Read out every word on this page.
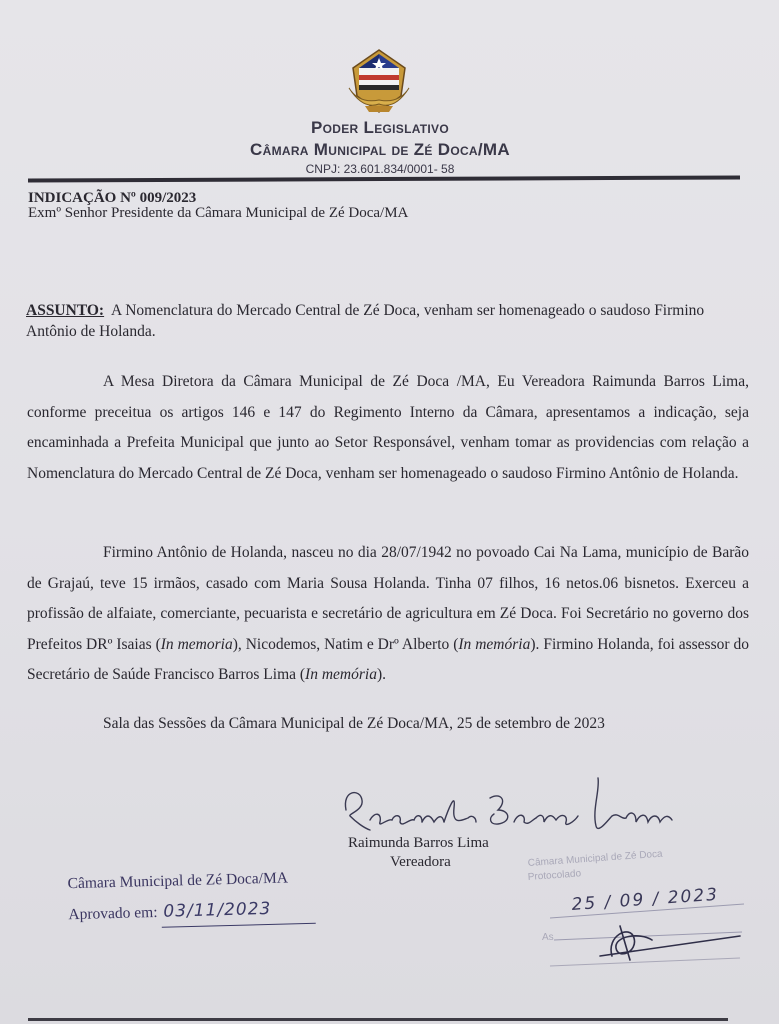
Poder Legislativo
Câmara Municipal de Zé Doca/MA
CNPJ: 23.601.834/0001- 58
INDICAÇÃO Nº 009/2023
Exmº Senhor Presidente da Câmara Municipal de Zé Doca/MA
ASSUNTO: A Nomenclatura do Mercado Central de Zé Doca, venham ser homenageado o saudoso Firmino Antônio de Holanda.
A Mesa Diretora da Câmara Municipal de Zé Doca /MA, Eu Vereadora Raimunda Barros Lima, conforme preceitua os artigos 146 e 147 do Regimento Interno da Câmara, apresentamos a indicação, seja encaminhada a Prefeita Municipal que junto ao Setor Responsável, venham tomar as providencias com relação a Nomenclatura do Mercado Central de Zé Doca, venham ser homenageado o saudoso Firmino Antônio de Holanda.
Firmino Antônio de Holanda, nasceu no dia 28/07/1942 no povoado Cai Na Lama, município de Barão de Grajaú, teve 15 irmãos, casado com Maria Sousa Holanda. Tinha 07 filhos, 16 netos.06 bisnetos. Exerceu a profissão de alfaiate, comerciante, pecuarista e secretário de agricultura em Zé Doca. Foi Secretário no governo dos Prefeitos DRº Isaias (In memoria), Nicodemos, Natim e Drº Alberto (In memória). Firmino Holanda, foi assessor do Secretário de Saúde Francisco Barros Lima (In memória).
Sala das Sessões da Câmara Municipal de Zé Doca/MA, 25 de setembro de 2023
Raimunda Barros Lima
Vereadora
Câmara Municipal de Zé Doca/MA
Aprovado em: 03/11/2023
Câmara Municipal de Zé Doca
Protocolado
25 / 09 / 2023
As
